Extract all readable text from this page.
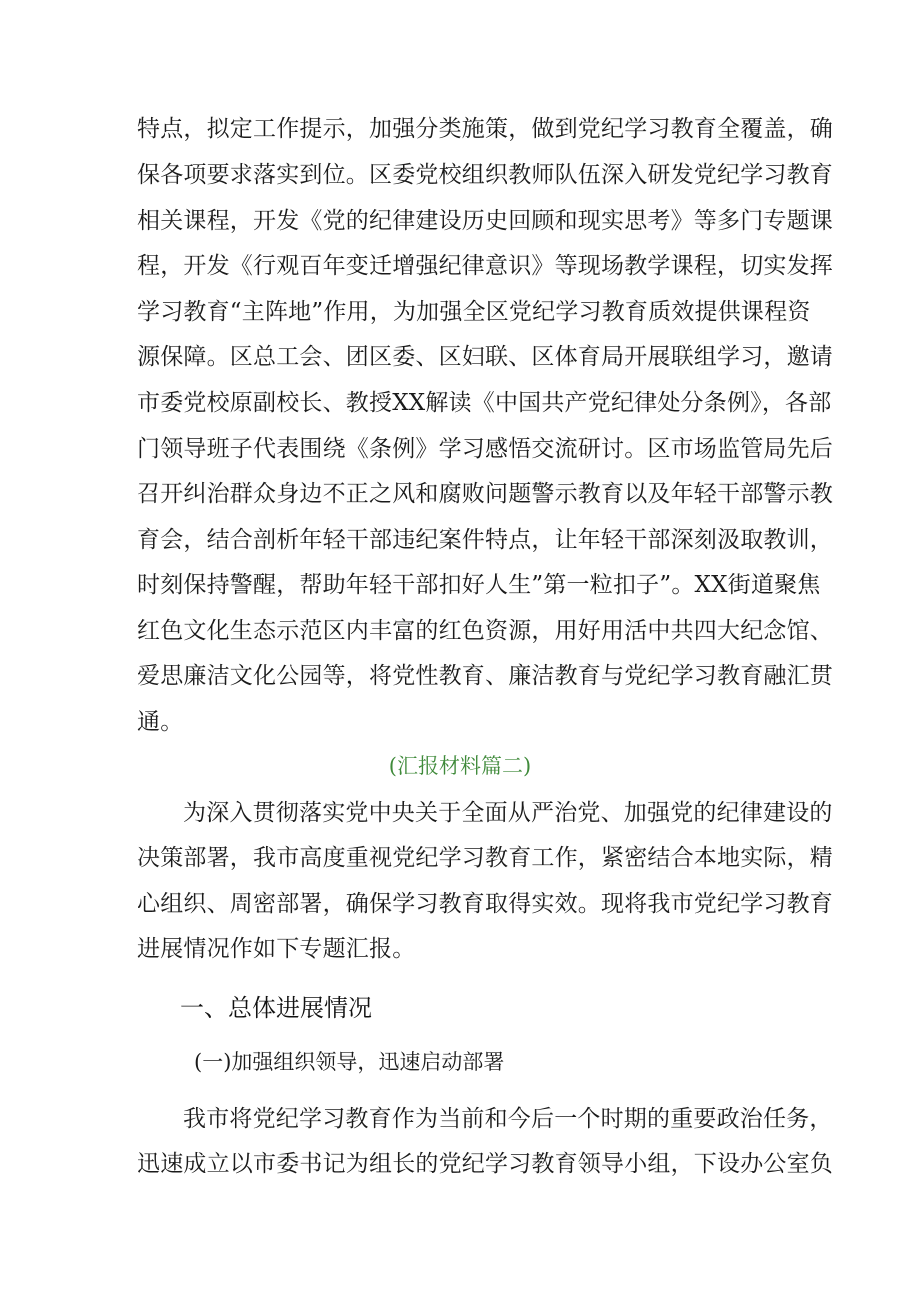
特点，拟定工作提示，加强分类施策，做到党纪学习教育全覆盖，确
保各项要求落实到位。区委党校组织教师队伍深入研发党纪学习教育
相关课程，开发《党的纪律建设历史回顾和现实思考》等多门专题课
程，开发《行观百年变迁增强纪律意识》等现场教学课程，切实发挥
学习教育“主阵地”作用，为加强全区党纪学习教育质效提供课程资
源保障。区总工会、团区委、区妇联、区体育局开展联组学习，邀请
市委党校原副校长、教授XX解读《中国共产党纪律处分条例》，各部
门领导班子代表围绕《条例》学习感悟交流研讨。区市场监管局先后
召开纠治群众身边不正之风和腐败问题警示教育以及年轻干部警示教
育会，结合剖析年轻干部违纪案件特点，让年轻干部深刻汲取教训，
时刻保持警醒，帮助年轻干部扣好人生”第一粒扣子”。XX街道聚焦
红色文化生态示范区内丰富的红色资源，用好用活中共四大纪念馆、
爱思廉洁文化公园等，将党性教育、廉洁教育与党纪学习教育融汇贯
通。
(汇报材料篇二)
为深入贯彻落实党中央关于全面从严治党、加强党的纪律建设的
决策部署，我市高度重视党纪学习教育工作，紧密结合本地实际，精
心组织、周密部署，确保学习教育取得实效。现将我市党纪学习教育
进展情况作如下专题汇报。
一、总体进展情况
(一)加强组织领导，迅速启动部署
我市将党纪学习教育作为当前和今后一个时期的重要政治任务，
迅速成立以市委书记为组长的党纪学习教育领导小组，下设办公室负
